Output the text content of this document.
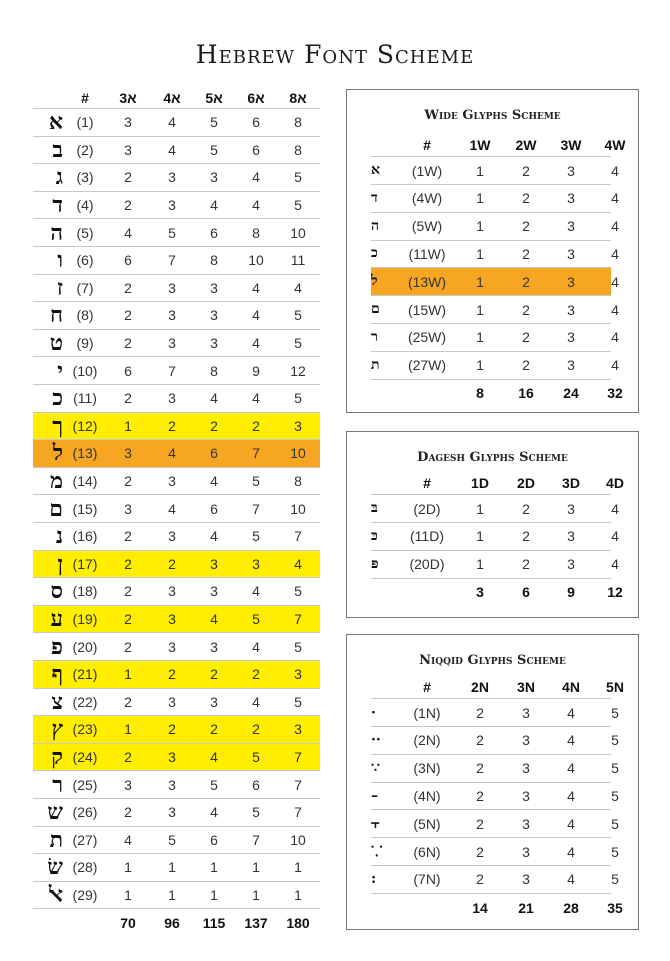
Hebrew Font Scheme
#	3א	4א	5א	6א	8א
א (1)	3	4	5	6	8
ב (2)	3	4	5	6	8
ג (3)	2	3	3	4	5
ד (4)	2	3	4	4	5
ה (5)	4	5	6	8	10
ו (6)	6	7	8	10	11
ז (7)	2	3	3	4	4
ח (8)	2	3	3	4	5
ט (9)	2	3	3	4	5
י (10)	6	7	8	9	12
כ (11)	2	3	4	4	5
ך (12)	1	2	2	2	3
ל (13)	3	4	6	7	10
מ (14)	2	3	4	5	8
ם (15)	3	4	6	7	10
נ (16)	2	3	4	5	7
ן (17)	2	2	3	3	4
ס (18)	2	3	3	4	5
ע (19)	2	3	4	5	7
פ (20)	2	3	3	4	5
ף (21)	1	2	2	2	3
צ (22)	2	3	3	4	5
ץ (23)	1	2	2	2	3
ק (24)	2	3	4	5	7
ר (25)	3	3	5	6	7
ש (26)	2	3	4	5	7
ת (27)	4	5	6	7	10
שׂ (28)	1	1	1	1	1
ﭏ (29)	1	1	1	1	1
70	96	115	137	180
Wide Glyphs Scheme
#	1W	2W	3W	4W
א	(1W)	1	2	3	4
ד	(4W)	1	2	3	4
ה	(5W)	1	2	3	4
כ	(11W)	1	2	3	4
ל	(13W)	1	2	3	4
ם	(15W)	1	2	3	4
ר	(25W)	1	2	3	4
ת	(27W)	1	2	3	4
8	16	24	32
Dagesh Glyphs Scheme
#	1D	2D	3D	4D
בּ	(2D)	1	2	3	4
כּ	(11D)	1	2	3	4
פּ	(20D)	1	2	3	4
3	6	9	12
Niqqid Glyphs Scheme
#	2N	3N	4N	5N
·	(1N)	2	3	4	5
··	(2N)	2	3	4	5
∵	(3N)	2	3	4	5
–	(4N)	2	3	4	5
⫟	(5N)	2	3	4	5
⸪	(6N)	2	3	4	5
:	(7N)	2	3	4	5
14	21	28	35
